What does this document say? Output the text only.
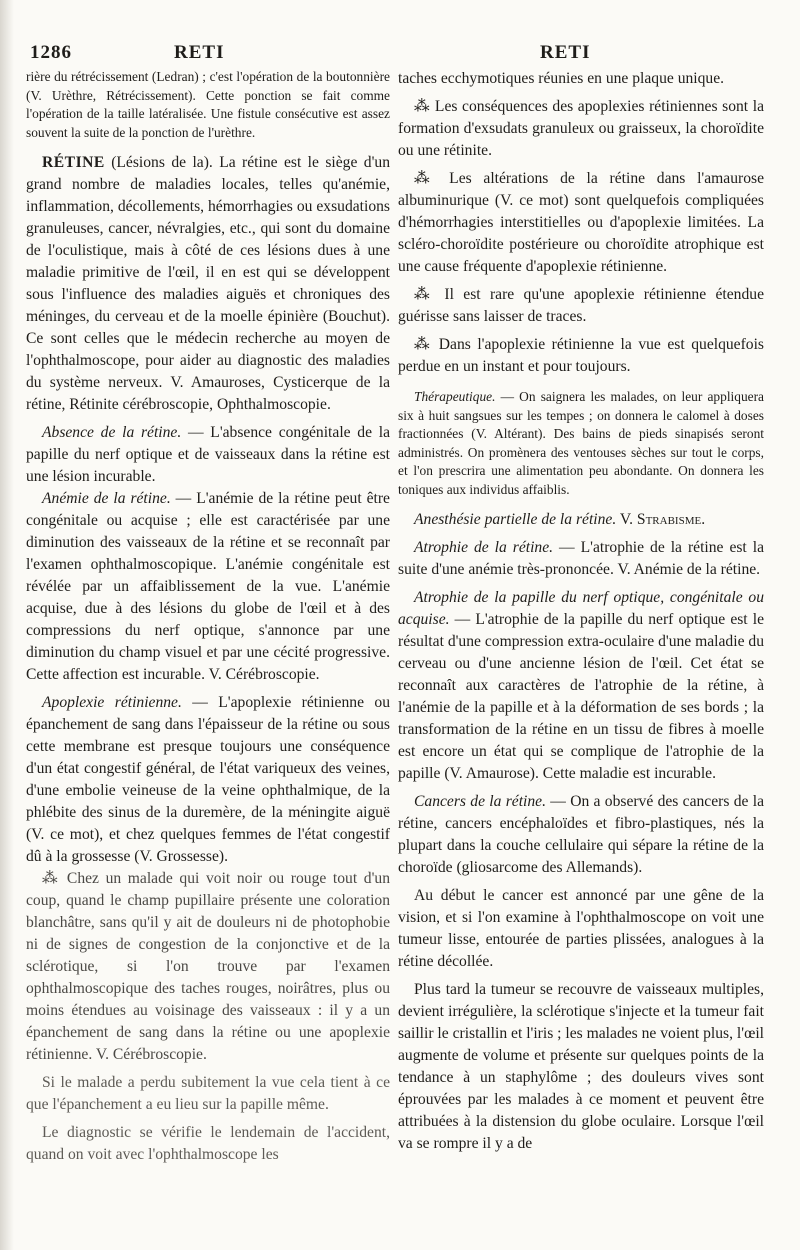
1286	RETI	RETI

rière du rétrécissement (Ledran) ; c'est l'opération de la boutonnière (V. Urèthre, Rétrécissement). Cette ponction se fait comme l'opération de la taille latéralisée. Une fistule consécutive est assez souvent la suite de la ponction de l'urèthre.

RÉTINE (Lésions de la). La rétine est le siège d'un grand nombre de maladies locales, telles qu'anémie, inflammation, décollements, hémorrhagies ou exsudations granuleuses, cancer, névralgies, etc., qui sont du domaine de l'oculistique, mais à côté de ces lésions dues à une maladie primitive de l'œil, il en est qui se développent sous l'influence des maladies aiguës et chroniques des méninges, du cerveau et de la moelle épinière (Bouchut). Ce sont celles que le médecin recherche au moyen de l'ophthalmoscope, pour aider au diagnostic des maladies du système nerveux. V. Amauroses, Cysticerque de la rétine, Rétinite cérébroscopie, Ophthalmoscopie.

Absence de la rétine. — L'absence congénitale de la papille du nerf optique et de vaisseaux dans la rétine est une lésion incurable.

Anémie de la rétine. — L'anémie de la rétine peut être congénitale ou acquise ; elle est caractérisée par une diminution des vaisseaux de la rétine et se reconnaît par l'examen ophthalmoscopique. L'anémie congénitale est révélée par un affaiblissement de la vue. L'anémie acquise, due à des lésions du globe de l'œil et à des compressions du nerf optique, s'annonce par une diminution du champ visuel et par une cécité progressive. Cette affection est incurable. V. Cérébroscopie.

Apoplexie rétinienne. — L'apoplexie rétinienne ou épanchement de sang dans l'épaisseur de la rétine ou sous cette membrane est presque toujours une conséquence d'un état congestif général, de l'état variqueux des veines, d'une embolie veineuse de la veine ophthalmique, de la phlébite des sinus de la duremère, de la méningite aiguë (V. ce mot), et chez quelques femmes de l'état congestif dû à la grossesse (V. Grossesse).

⁂ Chez un malade qui voit noir ou rouge tout d'un coup, quand le champ pupillaire présente une coloration blanchâtre, sans qu'il y ait de douleurs ni de photophobie ni de signes de congestion de la conjonctive et de la sclérotique, si l'on trouve par l'examen ophthalmoscopique des taches rouges, noirâtres, plus ou moins étendues au voisinage des vaisseaux : il y a un épanchement de sang dans la rétine ou une apoplexie rétinienne. V. Cérébroscopie.

Si le malade a perdu subitement la vue cela tient à ce que l'épanchement a eu lieu sur la papille même.

Le diagnostic se vérifie le lendemain de l'accident, quand on voit avec l'ophthalmoscope les

taches ecchymotiques réunies en une plaque unique.

⁂ Les conséquences des apoplexies rétiniennes sont la formation d'exsudats granuleux ou graisseux, la choroïdite ou une rétinite.

⁂ Les altérations de la rétine dans l'amaurose albuminurique (V. ce mot) sont quelquefois compliquées d'hémorrhagies interstitielles ou d'apoplexie limitées. La scléro-choroïdite postérieure ou choroïdite atrophique est une cause fréquente d'apoplexie rétinienne.

⁂ Il est rare qu'une apoplexie rétinienne étendue guérisse sans laisser de traces.

⁂ Dans l'apoplexie rétinienne la vue est quelquefois perdue en un instant et pour toujours.

Thérapeutique. — On saignera les malades, on leur appliquera six à huit sangsues sur les tempes ; on donnera le calomel à doses fractionnées (V. Altérant). Des bains de pieds sinapisés seront administrés. On promènera des ventouses sèches sur tout le corps, et l'on prescrira une alimentation peu abondante. On donnera les toniques aux individus affaiblis.

Anesthésie partielle de la rétine. V. Strabisme.

Atrophie de la rétine. — L'atrophie de la rétine est la suite d'une anémie très-prononcée. V. Anémie de la rétine.

Atrophie de la papille du nerf optique, congénitale ou acquise. — L'atrophie de la papille du nerf optique est le résultat d'une compression extra-oculaire d'une maladie du cerveau ou d'une ancienne lésion de l'œil. Cet état se reconnaît aux caractères de l'atrophie de la rétine, à l'anémie de la papille et à la déformation de ses bords ; la transformation de la rétine en un tissu de fibres à moelle est encore un état qui se complique de l'atrophie de la papille (V. Amaurose). Cette maladie est incurable.

Cancers de la rétine. — On a observé des cancers de la rétine, cancers encéphaloïdes et fibro-plastiques, nés la plupart dans la couche cellulaire qui sépare la rétine de la choroïde (gliosarcome des Allemands).

Au début le cancer est annoncé par une gêne de la vision, et si l'on examine à l'ophthalmoscope on voit une tumeur lisse, entourée de parties plissées, analogues à la rétine décollée.

Plus tard la tumeur se recouvre de vaisseaux multiples, devient irrégulière, la sclérotique s'injecte et la tumeur fait saillir le cristallin et l'iris ; les malades ne voient plus, l'œil augmente de volume et présente sur quelques points de la tendance à un staphylôme ; des douleurs vives sont éprouvées par les malades à ce moment et peuvent être attribuées à la distension du globe oculaire. Lorsque l'œil va se rompre il y a de
